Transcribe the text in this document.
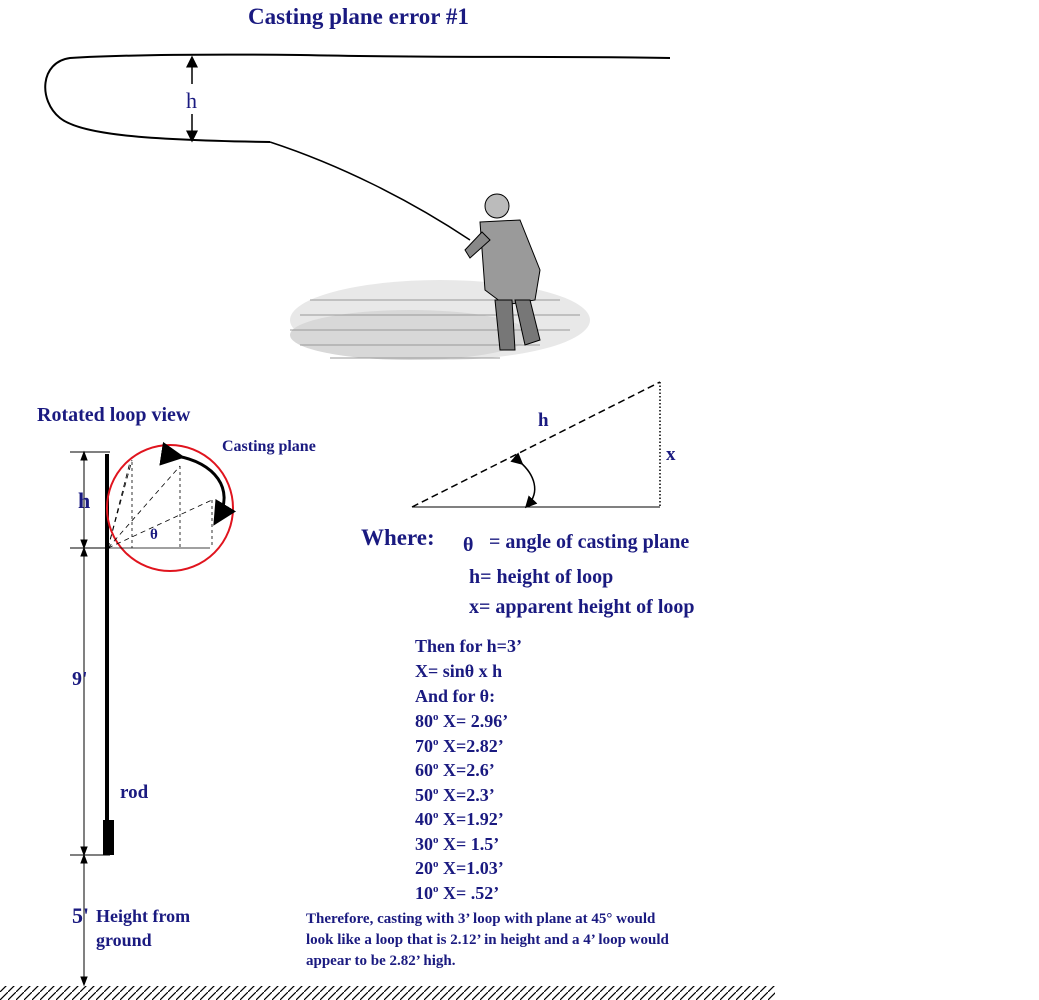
Casting plane error #1
h
Rotated loop view
Casting plane
h
θ
9'
rod
5' Height from
ground
h
x
Where: θ = angle of casting plane
h= height of loop
x= apparent height of loop
Then for h=3’
X= sinθ x h
And for θ:
80$^o$ X= 2.96’
70$^o$ X=2.82’
60$^o$ X=2.6’
50$^o$ X=2.3’
40$^o$ X=1.92’
30$^o$ X= 1.5’
20$^o$ X=1.03’
10$^o$ X= .52’
Therefore, casting with 3’ loop with plane at 45° would
look like a loop that is 2.12’ in height and a 4’ loop would
appear to be 2.82’ high.
